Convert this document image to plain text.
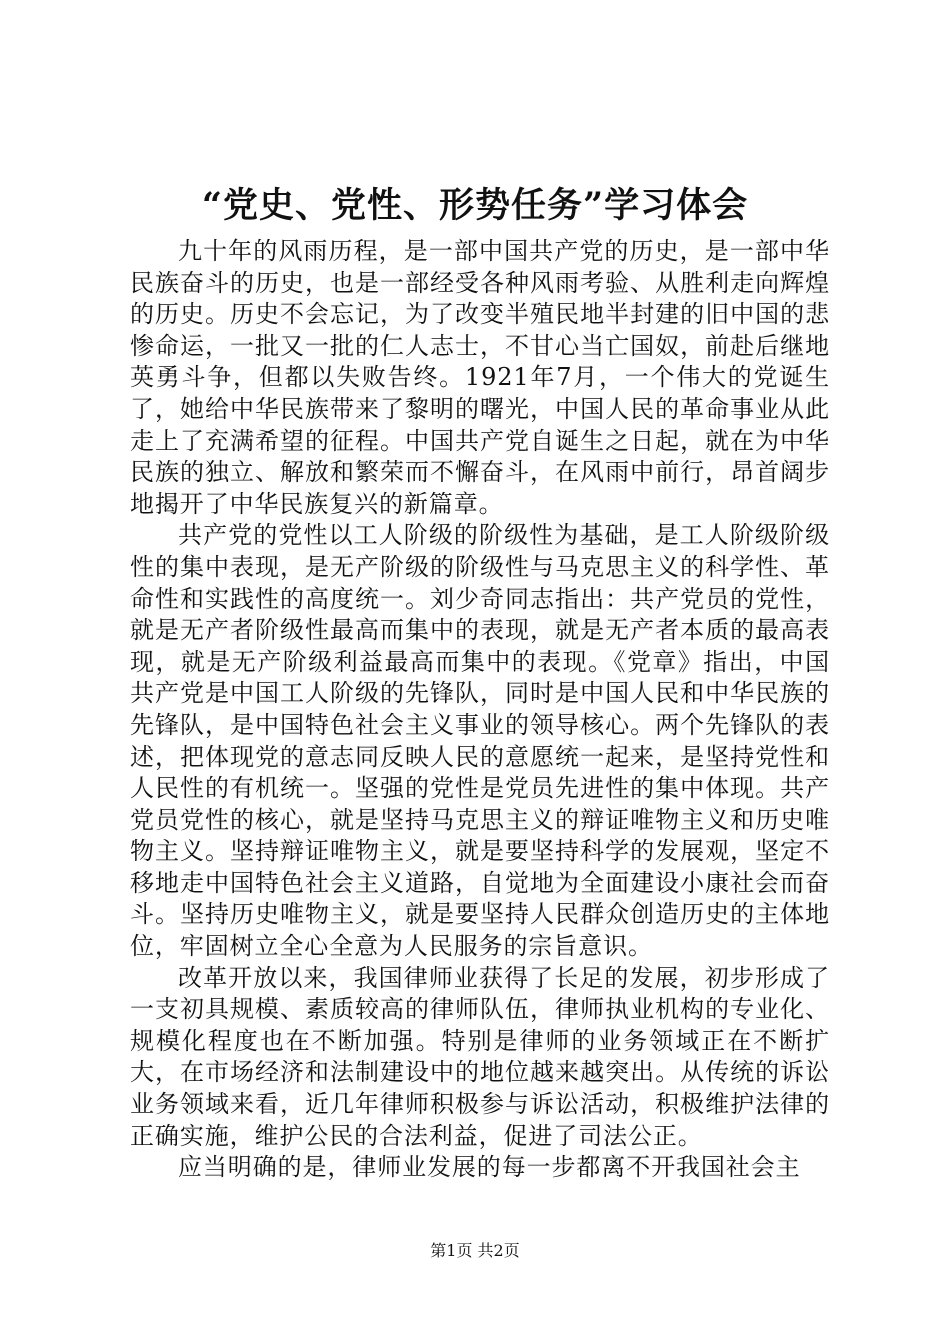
“党史、党性、形势任务”学习体会

九十年的风雨历程，是一部中国共产党的历史，是一部中华民族奋斗的历史，也是一部经受各种风雨考验、从胜利走向辉煌的历史。历史不会忘记，为了改变半殖民地半封建的旧中国的悲惨命运，一批又一批的仁人志士，不甘心当亡国奴，前赴后继地英勇斗争，但都以失败告终。1921年7月，一个伟大的党诞生了，她给中华民族带来了黎明的曙光，中国人民的革命事业从此走上了充满希望的征程。中国共产党自诞生之日起，就在为中华民族的独立、解放和繁荣而不懈奋斗，在风雨中前行，昂首阔步地揭开了中华民族复兴的新篇章。

共产党的党性以工人阶级的阶级性为基础，是工人阶级阶级性的集中表现，是无产阶级的阶级性与马克思主义的科学性、革命性和实践性的高度统一。刘少奇同志指出：共产党员的党性，就是无产者阶级性最高而集中的表现，就是无产者本质的最高表现，就是无产阶级利益最高而集中的表现。《党章》指出，中国共产党是中国工人阶级的先锋队，同时是中国人民和中华民族的先锋队，是中国特色社会主义事业的领导核心。两个先锋队的表述，把体现党的意志同反映人民的意愿统一起来，是坚持党性和人民性的有机统一。坚强的党性是党员先进性的集中体现。共产党员党性的核心，就是坚持马克思主义的辩证唯物主义和历史唯物主义。坚持辩证唯物主义，就是要坚持科学的发展观，坚定不移地走中国特色社会主义道路，自觉地为全面建设小康社会而奋斗。坚持历史唯物主义，就是要坚持人民群众创造历史的主体地位，牢固树立全心全意为人民服务的宗旨意识。

改革开放以来，我国律师业获得了长足的发展，初步形成了一支初具规模、素质较高的律师队伍，律师执业机构的专业化、规模化程度也在不断加强。特别是律师的业务领域正在不断扩大，在市场经济和法制建设中的地位越来越突出。从传统的诉讼业务领域来看，近几年律师积极参与诉讼活动，积极维护法律的正确实施，维护公民的合法利益，促进了司法公正。

应当明确的是，律师业发展的每一步都离不开我国社会主

第1页 共2页
